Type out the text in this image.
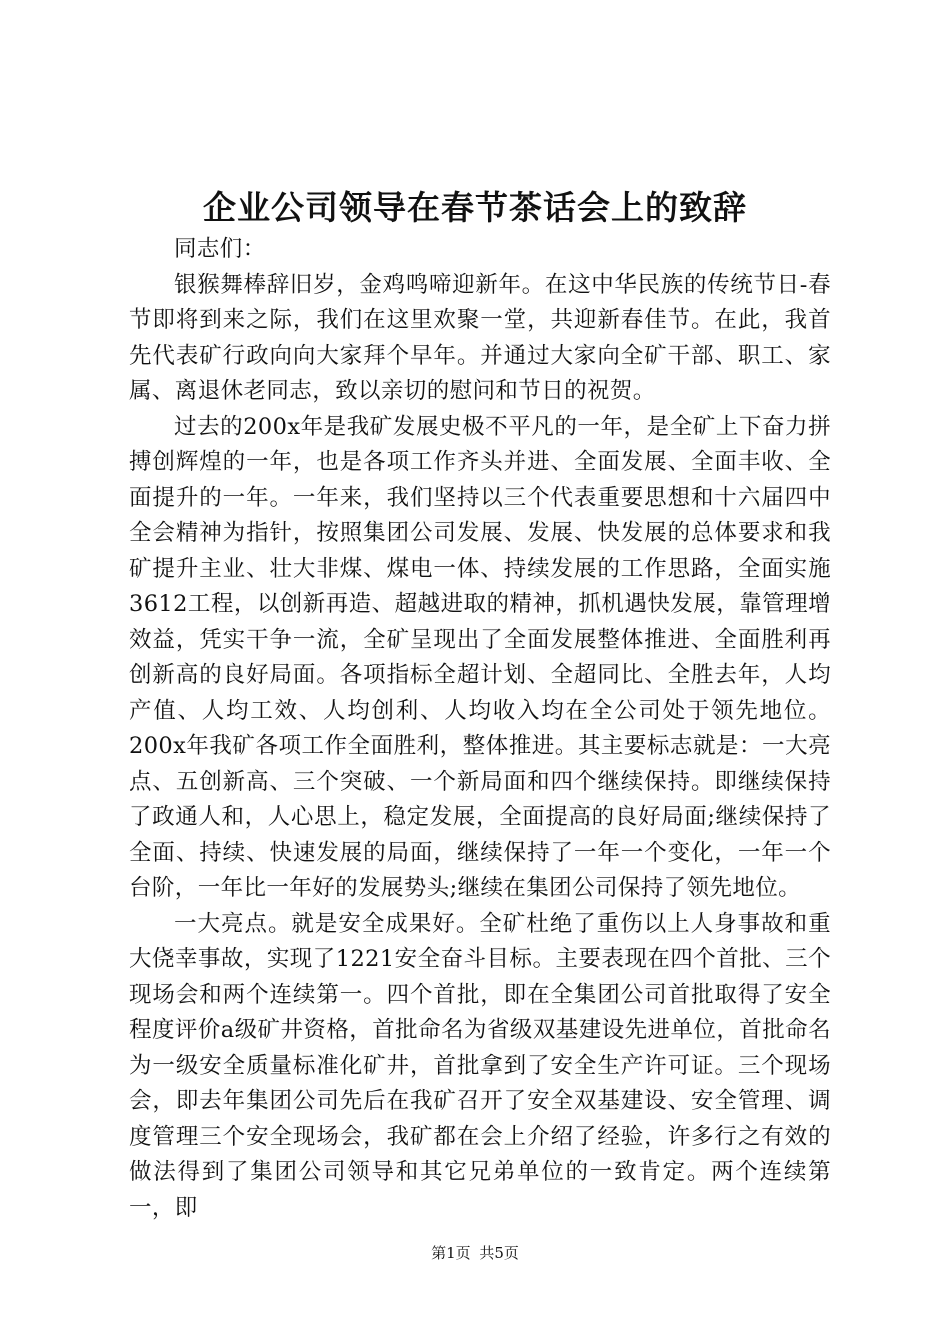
企业公司领导在春节茶话会上的致辞

同志们：

银猴舞棒辞旧岁，金鸡鸣啼迎新年。在这中华民族的传统节日-春节即将到来之际，我们在这里欢聚一堂，共迎新春佳节。在此，我首先代表矿行政向向大家拜个早年。并通过大家向全矿干部、职工、家属、离退休老同志，致以亲切的慰问和节日的祝贺。

过去的200x年是我矿发展史极不平凡的一年，是全矿上下奋力拼搏创辉煌的一年，也是各项工作齐头并进、全面发展、全面丰收、全面提升的一年。一年来，我们坚持以三个代表重要思想和十六届四中全会精神为指针，按照集团公司发展、发展、快发展的总体要求和我矿提升主业、壮大非煤、煤电一体、持续发展的工作思路，全面实施3612工程，以创新再造、超越进取的精神，抓机遇快发展，靠管理增效益，凭实干争一流，全矿呈现出了全面发展整体推进、全面胜利再创新高的良好局面。各项指标全超计划、全超同比、全胜去年，人均产值、人均工效、人均创利、人均收入均在全公司处于领先地位。200x年我矿各项工作全面胜利，整体推进。其主要标志就是：一大亮点、五创新高、三个突破、一个新局面和四个继续保持。即继续保持了政通人和，人心思上，稳定发展，全面提高的良好局面;继续保持了全面、持续、快速发展的局面，继续保持了一年一个变化，一年一个台阶，一年比一年好的发展势头;继续在集团公司保持了领先地位。

一大亮点。就是安全成果好。全矿杜绝了重伤以上人身事故和重大侥幸事故，实现了1221安全奋斗目标。主要表现在四个首批、三个现场会和两个连续第一。四个首批，即在全集团公司首批取得了安全程度评价a级矿井资格，首批命名为省级双基建设先进单位，首批命名为一级安全质量标准化矿井，首批拿到了安全生产许可证。三个现场会，即去年集团公司先后在我矿召开了安全双基建设、安全管理、调度管理三个安全现场会，我矿都在会上介绍了经验，许多行之有效的做法得到了集团公司领导和其它兄弟单位的一致肯定。两个连续第一，即

第1页 共5页
